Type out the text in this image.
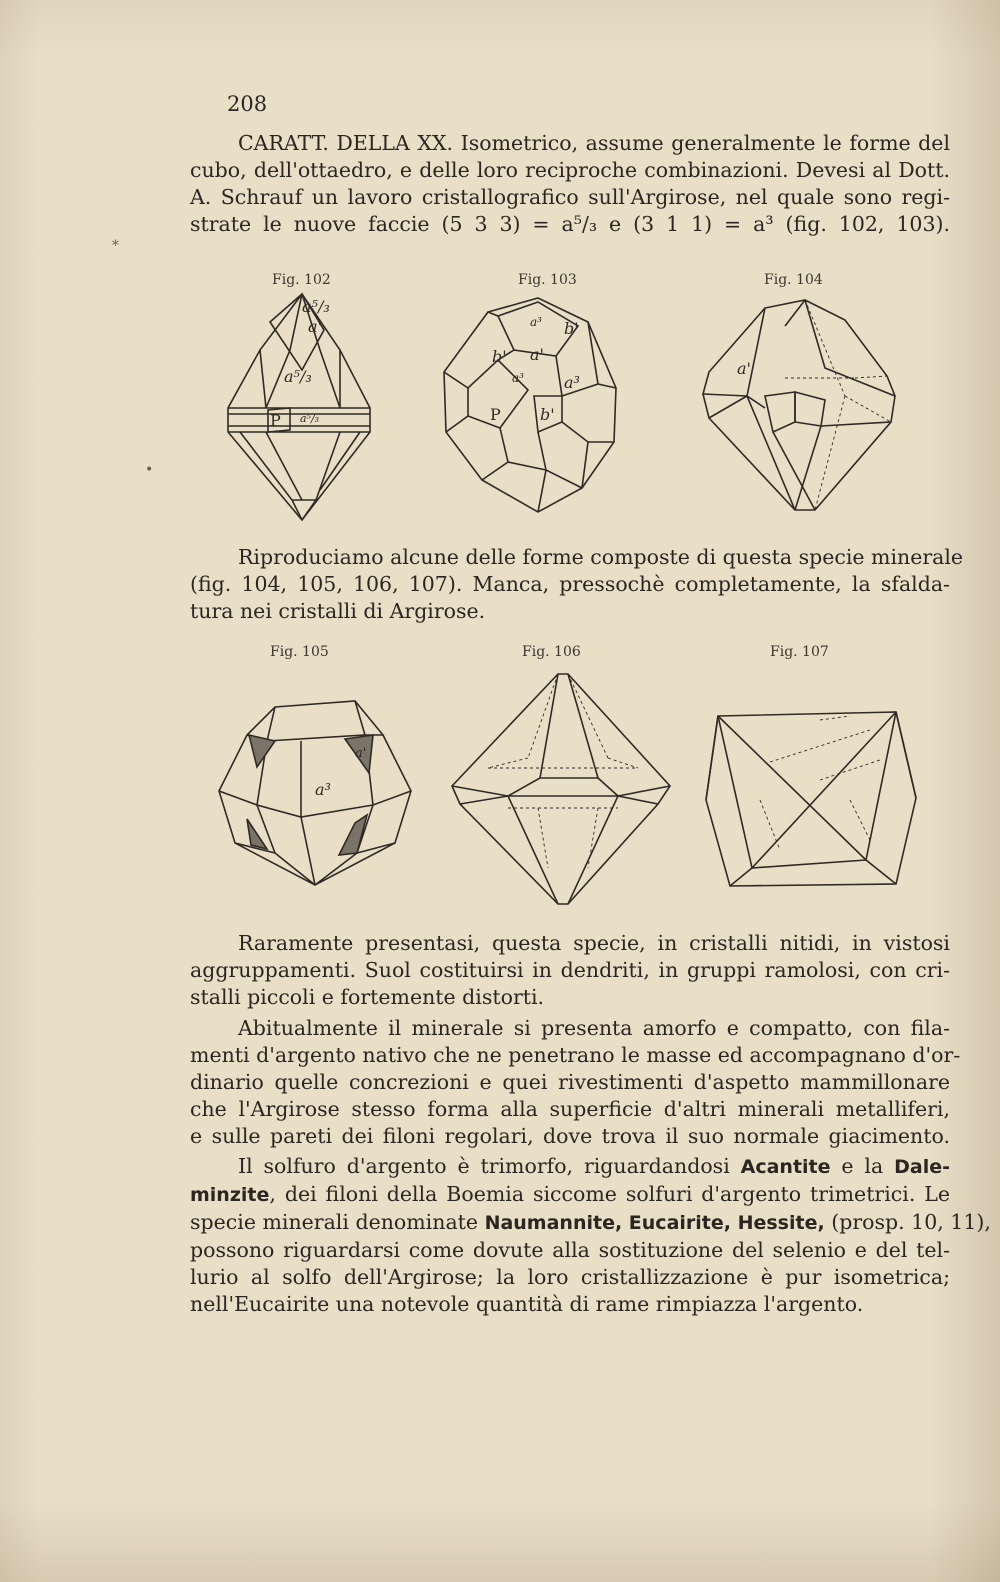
208
*
•
CARATT. DELLA XX. Isometrico, assume generalmente le forme del
cubo, dell'ottaedro, e delle loro reciproche combinazioni. Devesi al Dott.
A. Schrauf un lavoro cristallografico sull'Argirose, nel quale sono regi-
strate le nuove faccie (5 3 3) = a⁵/₃ e (3 1 1) = a³ (fig. 102, 103).
Fig. 102	Fig. 103	Fig. 104
a⁵/₃
a'
a⁵/₃
P a⁵/₃
a³
b'
b'
a'
a³	a³
P b'
a'
Riproduciamo alcune delle forme composte di questa specie minerale
(fig. 104, 105, 106, 107). Manca, pressochè completamente, la sfalda-
tura nei cristalli di Argirose.
Fig. 105	Fig. 106	Fig. 107
a³
a'
Raramente presentasi, questa specie, in cristalli nitidi, in vistosi
aggruppamenti. Suol costituirsi in dendriti, in gruppi ramolosi, con cri-
stalli piccoli e fortemente distorti.
Abitualmente il minerale si presenta amorfo e compatto, con fila-
menti d'argento nativo che ne penetrano le masse ed accompagnano d'or-
dinario quelle concrezioni e quei rivestimenti d'aspetto mammillonare
che l'Argirose stesso forma alla superficie d'altri minerali metalliferi,
e sulle pareti dei filoni regolari, dove trova il suo normale giacimento.
Il solfuro d'argento è trimorfo, riguardandosi Acantite e la Dale-
minzite, dei filoni della Boemia siccome solfuri d'argento trimetrici. Le
specie minerali denominate Naumannite, Eucairite, Hessite, (prosp. 10, 11),
possono riguardarsi come dovute alla sostituzione del selenio e del tel-
lurio al solfo dell'Argirose; la loro cristallizzazione è pur isometrica;
nell'Eucairite una notevole quantità di rame rimpiazza l'argento.
